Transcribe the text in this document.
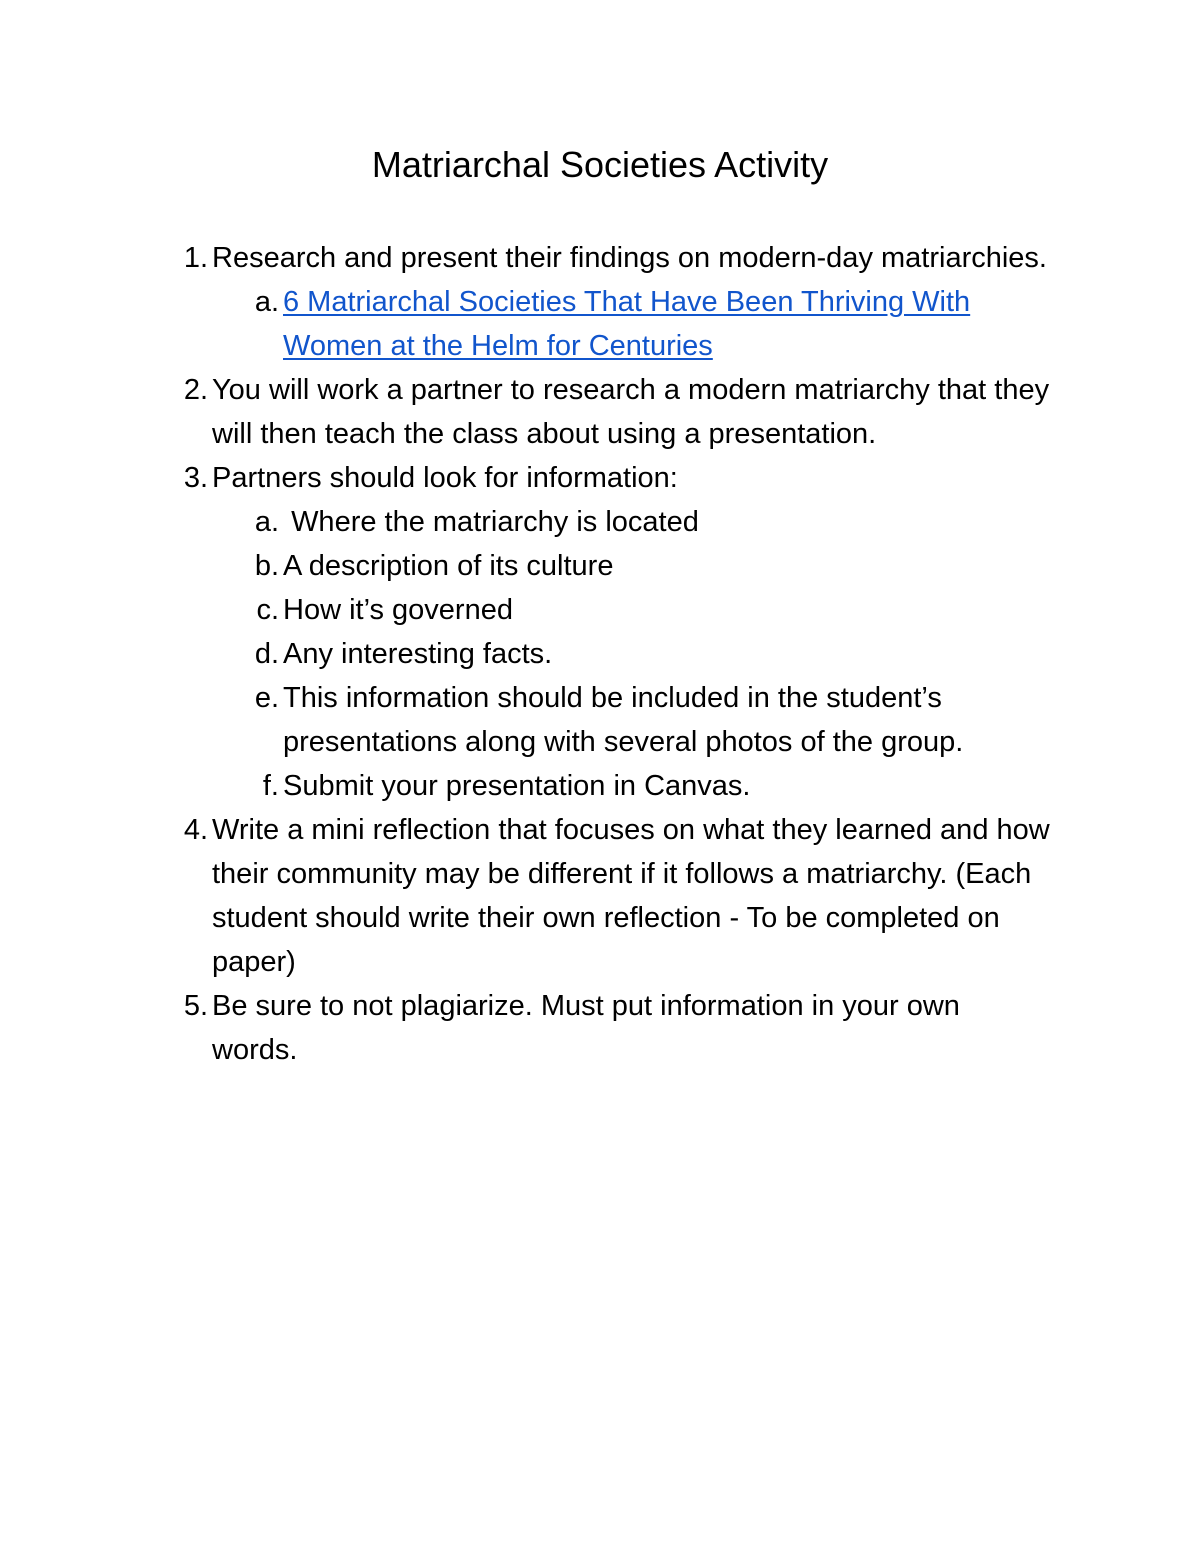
Matriarchal Societies Activity
1. Research and present their findings on modern-day matriarchies.
a. 6 Matriarchal Societies That Have Been Thriving With Women at the Helm for Centuries
2. You will work a partner to research a modern matriarchy that they will then teach the class about using a presentation.
3. Partners should look for information:
a. Where the matriarchy is located
b. A description of its culture
c. How it’s governed
d. Any interesting facts.
e. This information should be included in the student’s presentations along with several photos of the group.
f. Submit your presentation in Canvas.
4. Write a mini reflection that focuses on what they learned and how their community may be different if it follows a matriarchy. (Each student should write their own reflection - To be completed on paper)
5. Be sure to not plagiarize. Must put information in your own words.
